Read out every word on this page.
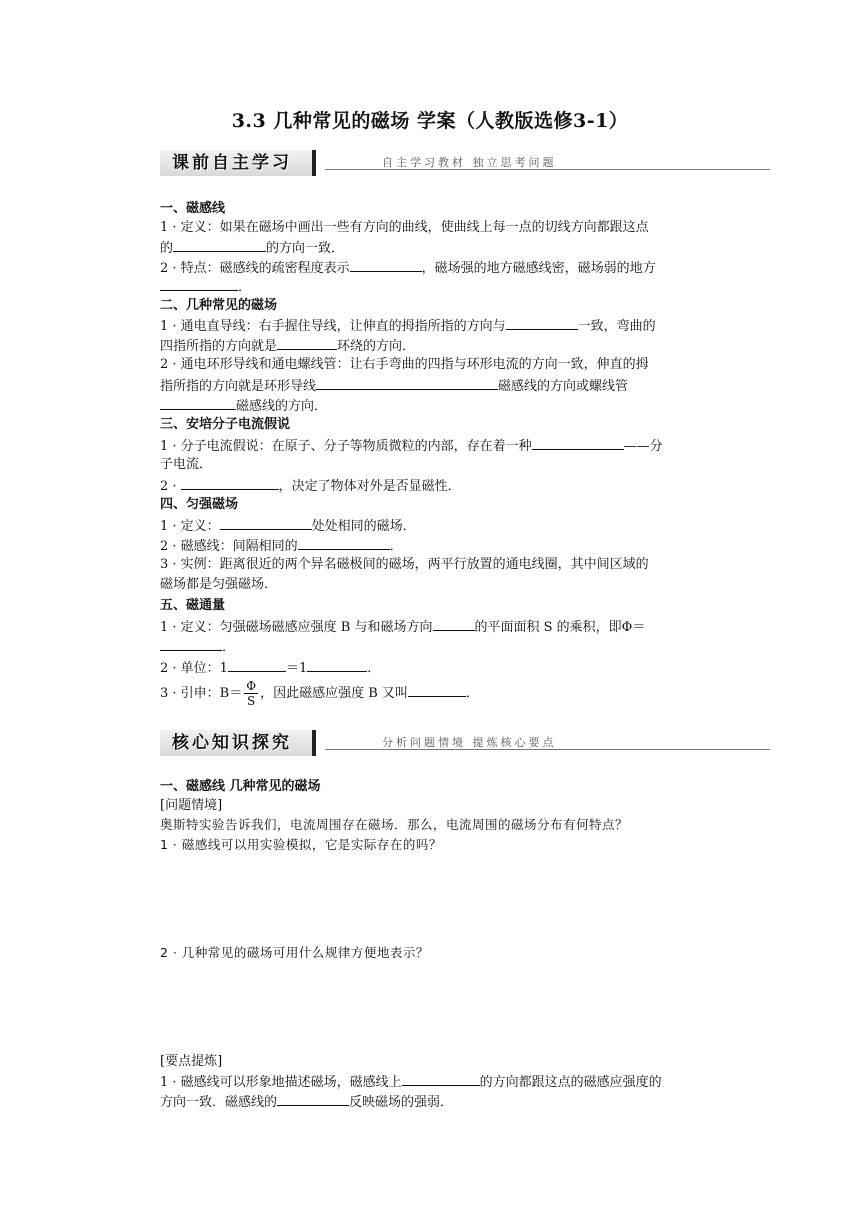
3.3 几种常见的磁场 学案（人教版选修3-1）
课前自主学习	自主学习教材 独立思考问题
一、磁感线
1 · 定义：如果在磁场中画出一些有方向的曲线，使曲线上每一点的切线方向都跟这点
的	的方向一致．
2 · 特点：磁感线的疏密程度表示	，磁场强的地方磁感线密，磁场弱的地方
．
二、几种常见的磁场
1 · 通电直导线：右手握住导线，让伸直的拇指所指的方向与	一致，弯曲的
四指所指的方向就是	环绕的方向．
2 · 通电环形导线和通电螺线管：让右手弯曲的四指与环形电流的方向一致，伸直的拇
指所指的方向就是环形导线	磁感线的方向或螺线管
磁感线的方向．
三、安培分子电流假说
1 · 分子电流假说：在原子、分子等物质微粒的内部，存在着一种	——分
子电流．
2 ·	，决定了物体对外是否显磁性．
四、匀强磁场
1 · 定义：	处处相同的磁场．
2 · 磁感线：间隔相同的	．
3 · 实例：距离很近的两个异名磁极间的磁场，两平行放置的通电线圈，其中间区域的
磁场都是匀强磁场．
五、磁通量
1 · 定义：匀强磁场磁感应强度 B 与和磁场方向	的平面面积 S 的乘积，即Φ＝
．
2 · 单位：1	＝1	．
3 · 引申：$B= \frac{\Phi}{S}$ ，因此磁感应强度 B 又叫	．
核心知识探究	分析问题情境 提炼核心要点
一、磁感线 几种常见的磁场
[问题情境]
奥斯特实验告诉我们，电流周围存在磁场．那么，电流周围的磁场分布有何特点？
1 · 磁感线可以用实验模拟，它是实际存在的吗？
2 · 几种常见的磁场可用什么规律方便地表示？
[要点提炼]
1 · 磁感线可以形象地描述磁场，磁感线上	的方向都跟这点的磁感应强度的
方向一致．磁感线的	反映磁场的强弱．
